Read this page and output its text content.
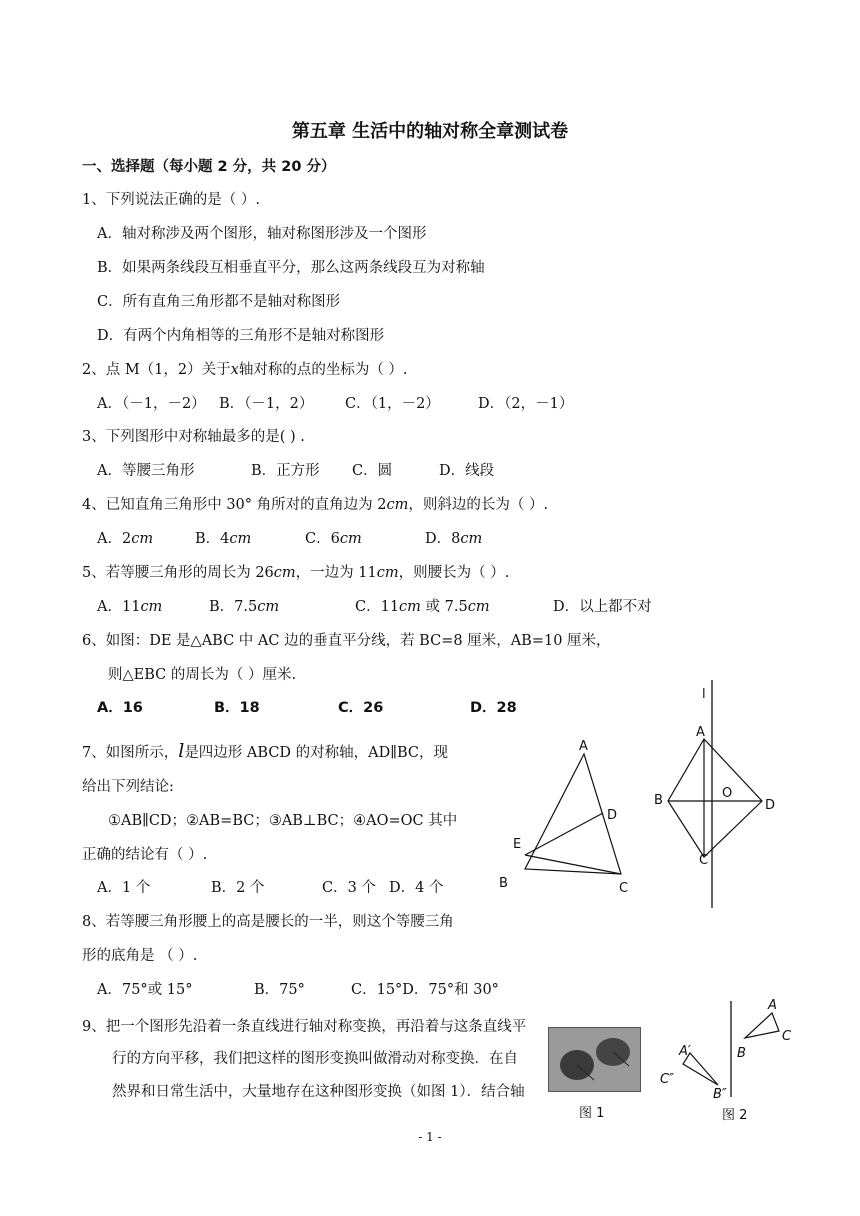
第五章 生活中的轴对称全章测试卷
一、选择题（每小题 2 分，共 20 分）
1、下列说法正确的是（ ）.
A．轴对称涉及两个图形，轴对称图形涉及一个图形
B．如果两条线段互相垂直平分，那么这两条线段互为对称轴
C．所有直角三角形都不是轴对称图形
D．有两个内角相等的三角形不是轴对称图形
2、点 M（1，2）关于x轴对称的点的坐标为（ ）.
A．（－1，－2） B．（－1，2） C．（1，－2）	D．（2，－1）
3、下列图形中对称轴最多的是( ) .
A．等腰三角形	B．正方形 C．圆	D．线段
4、已知直角三角形中 30° 角所对的直角边为 2cm，则斜边的长为（ ）.
A．2cm	B．4cm	C．6cm	D．8cm
5、若等腰三角形的周长为 26cm，一边为 11cm，则腰长为（ ）.
A．11cm	B．7.5cm	C．11cm 或 7.5cm	D．以上都不对
6、如图：DE 是△ABC 中 AC 边的垂直平分线，若 BC=8 厘米，AB=10 厘米，
则△EBC 的周长为（ ）厘米.
A．16	B．18	C．26	D．28
7、如图所示，l是四边形 ABCD 的对称轴，AD∥BC，现
给出下列结论:
①AB∥CD；②AB=BC；③AB⊥BC；④AO=OC 其中
正确的结论有（ ）.
A．1 个	B．2 个	C．3 个 D．4 个
8、若等腰三角形腰上的高是腰长的一半，则这个等腰三角
形的底角是 （ ）.
A．75°或 15°	B．75°	C．15°D．75°和 30°
9、把一个图形先沿着一条直线进行轴对称变换，再沿着与这条直线平
行的方向平移，我们把这样的图形变换叫做滑动对称变换．在自
然界和日常生活中，大量地存在这种图形变换（如图 1）．结合轴
A
B	C
D
E
l
A
B
C
D
O
图 1
A
B
C
A′
B″
C″
图 2
- 1 -
